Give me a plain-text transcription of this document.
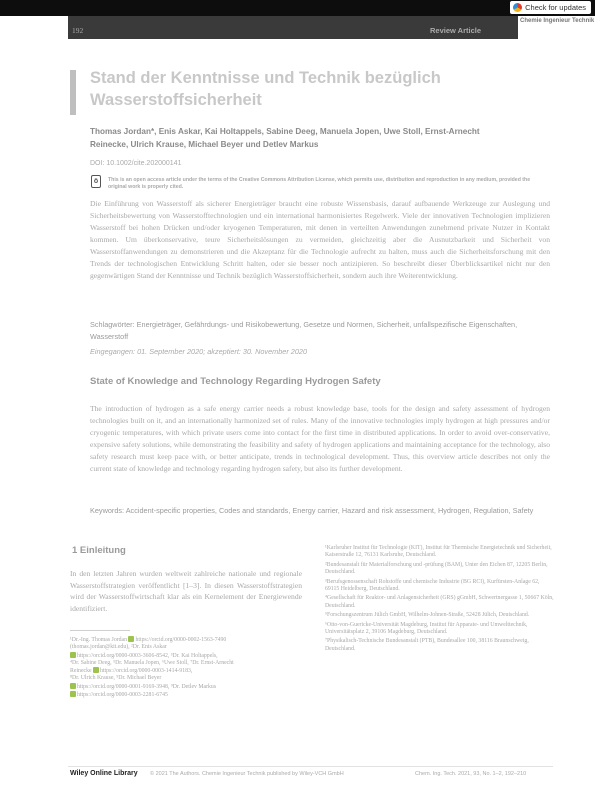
Check for updates
192	Review Article
Chemie Ingenieur Technik
Stand der Kenntnisse und Technik bezüglich Wasserstoffsicherheit

Thomas Jordan*, Enis Askar, Kai Holtappels, Sabine Deeg, Manuela Jopen, Uwe Stoll, Ernst-Arnecht Reinecke, Ulrich Krause, Michael Beyer und Detlev Markus

DOI: 10.1002/cite.202000141
ö	This is an open access article under the terms of the Creative Commons Attribution License, which permits use, distribution and reproduction in any medium, provided the original work is properly cited.

Die Einführung von Wasserstoff als sicherer Energieträger braucht eine robuste Wissensbasis, darauf aufbauende Werkzeuge zur Auslegung und Sicherheitsbewertung von Wasserstofftechnologien und ein international harmonisiertes Regelwerk. Viele der innovativen Technologien implizieren Wasserstoff bei hohen Drücken und/oder kryogenen Temperaturen, mit denen in verteilten Anwendungen zunehmend private Nutzer in Kontakt kommen. Um überkonservative, teure Sicherheitslösungen zu vermeiden, gleichzeitig aber die Ausnutzbarkeit und Sicherheit von Wasserstoffanwendungen zu demonstrieren und die Akzeptanz für die Technologie aufrecht zu halten, muss auch die Sicherheitsforschung mit den Trends der technologischen Entwicklung Schritt halten, oder sie besser noch antizipieren. So beschreibt dieser Überblicksartikel nicht nur den gegenwärtigen Stand der Kenntnisse und Technik bezüglich Wasserstoffsicherheit, sondern auch ihre Weiterentwicklung.

Schlagwörter: Energieträger, Gefährdungs- und Risikobewertung, Gesetze und Normen, Sicherheit, unfallspezifische Eigenschaften, Wasserstoff

Eingegangen: 01. September 2020; akzeptiert: 30. November 2020
State of Knowledge and Technology Regarding Hydrogen Safety

The introduction of hydrogen as a safe energy carrier needs a robust knowledge base, tools for the design and safety assessment of hydrogen technologies built on it, and an internationally harmonized set of rules. Many of the innovative technologies imply hydrogen at high pressures and/or cryogenic temperatures, with which private users come into contact for the first time in distributed applications. In order to avoid over-conservative, expensive safety solutions, while demonstrating the feasibility and safety of hydrogen applications and maintaining acceptance for the technology, also safety research must keep pace with, or better anticipate, trends in technological development. Thus, this overview article describes not only the current state of knowledge and technology regarding hydrogen safety, but also its further development.

Keywords: Accident-specific properties, Codes and standards, Energy carrier, Hazard and risk assessment, Hydrogen, Regulation, Safety

1 Einleitung

In den letzten Jahren wurden weltweit zahlreiche nationale und regionale Wasserstoffstrategien veröffentlicht [1–3]. In diesen Wasserstoffstrategien wird der Wasserstoffwirtschaft klar als ein Kernelement der Energiewende identifiziert.

¹Dr.-Ing. Thomas Jordan https://orcid.org/0000-0002-1563-7490
(thomas.jordan@kit.edu), ²Dr. Enis Askar
https://orcid.org/0000-0003-3606-8542, ³Dr. Kai Holtappels,
⁴Dr. Sabine Deeg, ⁵Dr. Manuela Jopen, ⁶Uwe Stoll, ⁷Dr. Ernst-Arnecht
Reinecke https://orcid.org/0000-0003-1414-9183,
⁸Dr. Ulrich Krause, ⁹Dr. Michael Beyer
https://orcid.org/0000-0001-9169-3948, ⁹Dr. Detlev Markus
https://orcid.org/0000-0003-2281-6745
¹Karlsruher Institut für Technologie (KIT), Institut für Thermische Energietechnik und Sicherheit, Kaiserstraße 12, 76131 Karlsruhe, Deutschland.
²Bundesanstalt für Materialforschung und -prüfung (BAM), Unter den Eichen 87, 12205 Berlin, Deutschland.
³Berufsgenossenschaft Rohstoffe und chemische Industrie (BG RCI), Kurfürsten-Anlage 62, 69115 Heidelberg, Deutschland.
⁴Gesellschaft für Reaktor- und Anlagensicherheit (GRS) gGmbH, Schwertnergasse 1, 50667 Köln, Deutschland.
⁵Forschungszentrum Jülich GmbH, Wilhelm-Johnen-Straße, 52428 Jülich, Deutschland.
⁶Otto-von-Guericke-Universität Magdeburg, Institut für Apparate- und Umwelttechnik, Universitätsplatz 2, 39106 Magdeburg, Deutschland.
⁷Physikalisch-Technische Bundesanstalt (PTB), Bundesallee 100, 38116 Braunschweig, Deutschland.
Wiley Online Library © 2021 The Authors. Chemie Ingenieur Technik published by Wiley-VCH GmbH	Chem. Ing. Tech. 2021, 93, No. 1–2, 192–210
